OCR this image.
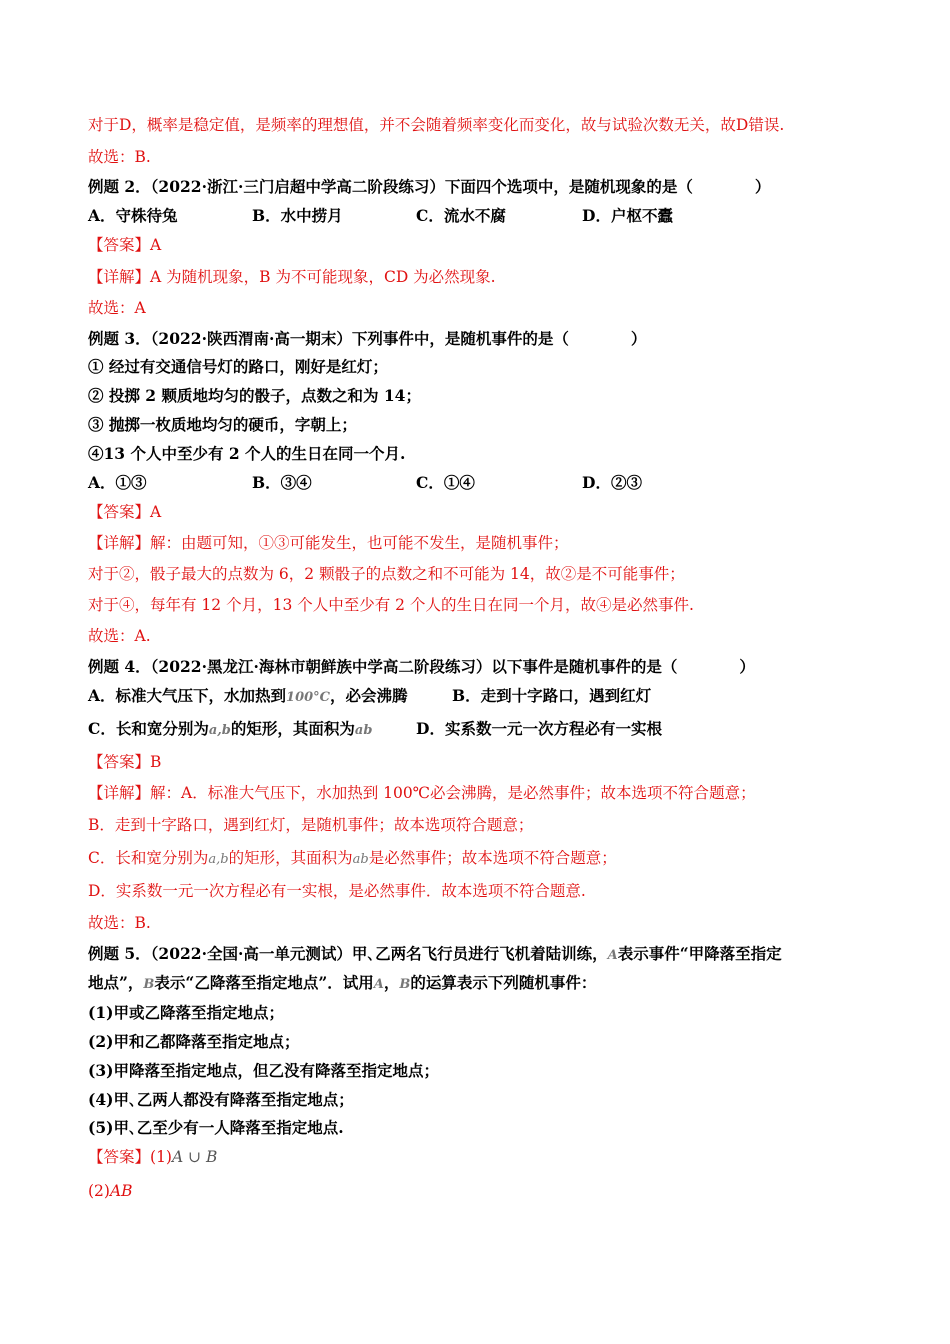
对于D，概率是稳定值，是频率的理想值，并不会随着频率变化而变化，故与试验次数无关，故D错误.
故选：B.
例题 2．（2022·浙江·三门启超中学高二阶段练习）下面四个选项中，是随机现象的是（　　　　）
A．守株待兔	B．水中捞月	C．流水不腐	D．户枢不蠹
【答案】A
【详解】A 为随机现象，B 为不可能现象，CD 为必然现象.
故选：A
例题 3．（2022·陕西渭南·高一期末）下列事件中，是随机事件的是（　　　　）
① 经过有交通信号灯的路口，刚好是红灯；
② 投掷 2 颗质地均匀的骰子，点数之和为 14；
③ 抛掷一枚质地均匀的硬币，字朝上；
④13 个人中至少有 2 个人的生日在同一个月.
A．①③	B．③④	C．①④	D．②③
【答案】A
【详解】解：由题可知，①③可能发生，也可能不发生，是随机事件；
对于②，骰子最大的点数为 6，2 颗骰子的点数之和不可能为 14，故②是不可能事件；
对于④，每年有 12 个月，13 个人中至少有 2 个人的生日在同一个月，故④是必然事件.
故选：A.
例题 4．（2022·黑龙江·海林市朝鲜族中学高二阶段练习）以下事件是随机事件的是（　　　　）
A．标准大气压下，水加热到100°C，必会沸腾	B．走到十字路口，遇到红灯
C．长和宽分别为a,b的矩形，其面积为ab	D．实系数一元一次方程必有一实根
【答案】B
【详解】解：A．标准大气压下，水加热到 100℃必会沸腾，是必然事件；故本选项不符合题意；
B．走到十字路口，遇到红灯，是随机事件；故本选项符合题意；
C．长和宽分别为a,b的矩形，其面积为ab是必然事件；故本选项不符合题意；
D．实系数一元一次方程必有一实根，是必然事件．故本选项不符合题意.
故选：B.
例题 5．（2022·全国·高一单元测试）甲､乙两名飞行员进行飞机着陆训练，A表示事件“甲降落至指定
地点”，B表示“乙降落至指定地点”．试用A，B的运算表示下列随机事件：
(1)甲或乙降落至指定地点；
(2)甲和乙都降落至指定地点；
(3)甲降落至指定地点，但乙没有降落至指定地点；
(4)甲､乙两人都没有降落至指定地点；
(5)甲､乙至少有一人降落至指定地点.
【答案】(1)A ∪ B
(2)AB
